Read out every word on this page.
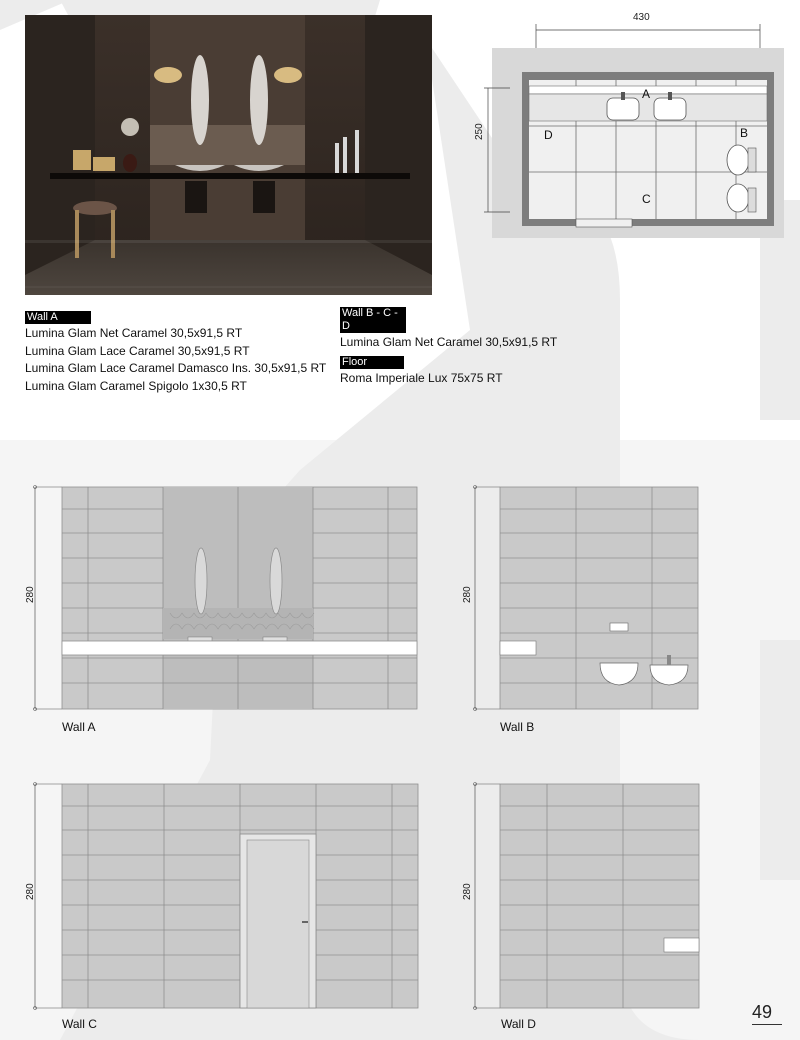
430
250
A
B
C
D
Wall A
Lumina Glam Net Caramel 30,5x91,5 RT
Lumina Glam Lace Caramel 30,5x91,5 RT
Lumina Glam Lace Caramel Damasco Ins. 30,5x91,5 RT
Lumina Glam Caramel Spigolo 1x30,5 RT
Wall B - C - D
Lumina Glam Net Caramel 30,5x91,5 RT
Floor
Roma Imperiale Lux 75x75 RT
280
Wall A
280
Wall B
280
Wall C
280
Wall D
49
